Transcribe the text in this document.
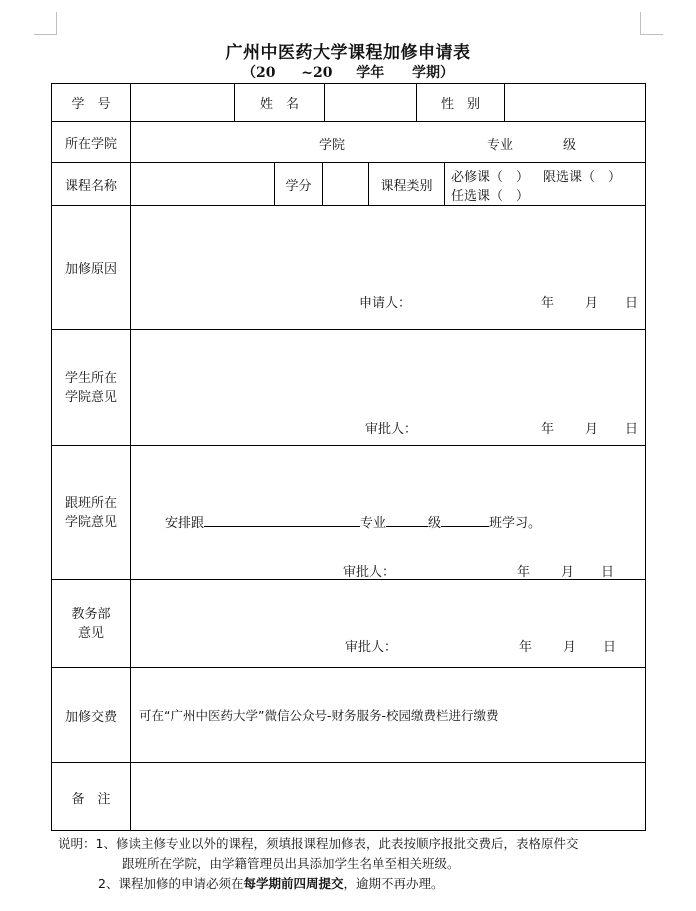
广州中医药大学课程加修申请表
（20 ~20 学年 学期）
学　号	姓　名	性　别
所在学院	学院	专业	级
课程名称	学分	课程类别
必修课（　） 限选课（　）
任选课（　）
加修原因
申请人：	年 月 日
学生所在学院意见
审批人：	年 月 日
跟班所在学院意见	安排跟	专业	级	班学习。
审批人：	年 月 日
教务部意见
审批人：	年 月 日
加修交费 可在“广州中医药大学”微信公众号-财务服务-校园缴费栏进行缴费
备　注
说明：1、修读主修专业以外的课程，须填报课程加修表，此表按顺序报批交费后，表格原件交
跟班所在学院，由学籍管理员出具添加学生名单至相关班级。
2、课程加修的申请必须在每学期前四周提交，逾期不再办理。
